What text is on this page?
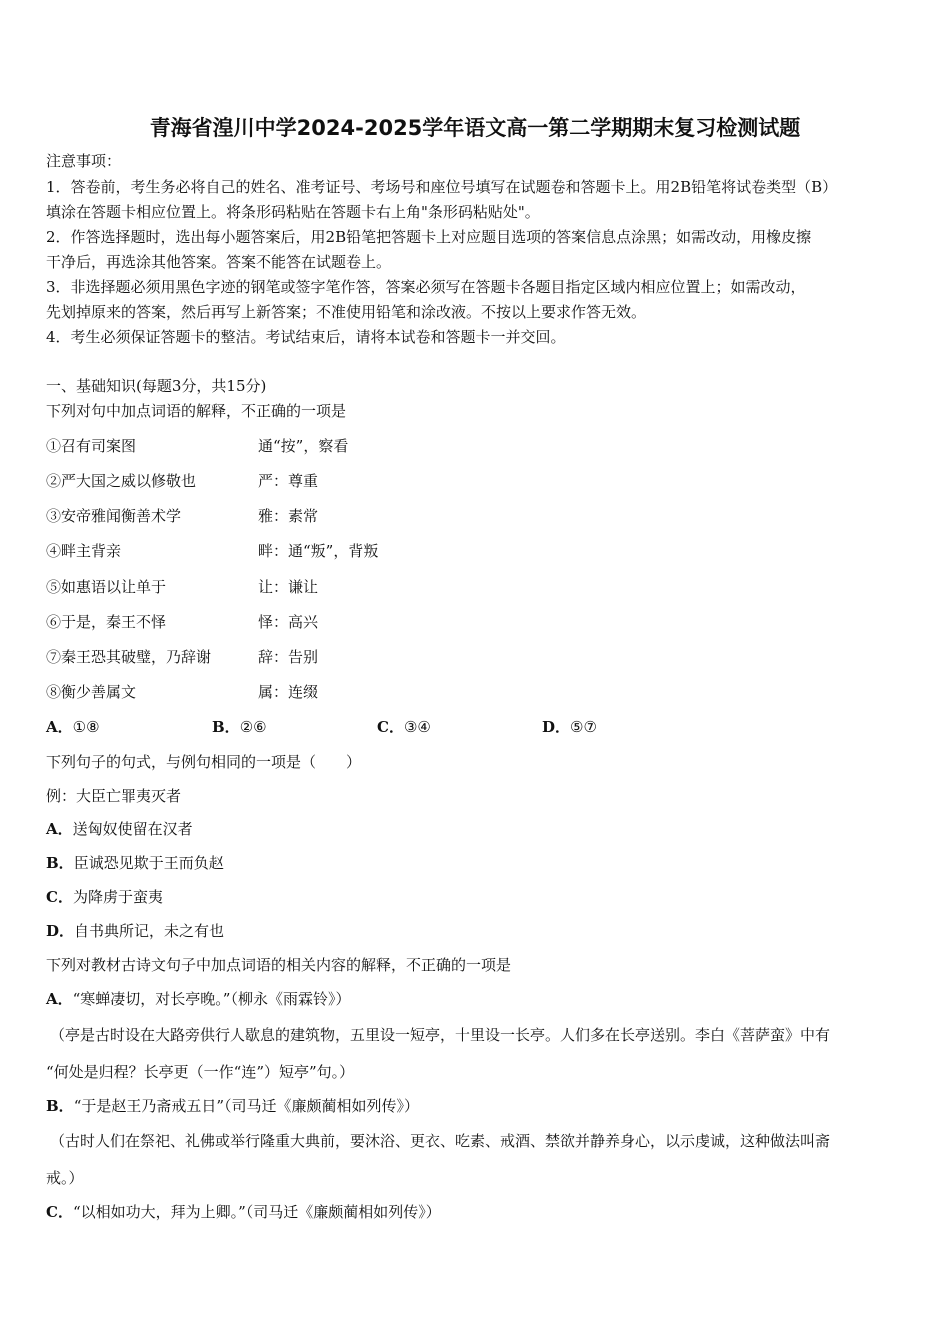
青海省湟川中学2024-2025学年语文高一第二学期期末复习检测试题
注意事项：
1．答卷前，考生务必将自己的姓名、准考证号、考场号和座位号填写在试题卷和答题卡上。用2B铅笔将试卷类型（B）
填涂在答题卡相应位置上。将条形码粘贴在答题卡右上角"条形码粘贴处"。
2．作答选择题时，选出每小题答案后，用2B铅笔把答题卡上对应题目选项的答案信息点涂黑；如需改动，用橡皮擦
干净后，再选涂其他答案。答案不能答在试题卷上。
3．非选择题必须用黑色字迹的钢笔或签字笔作答，答案必须写在答题卡各题目指定区域内相应位置上；如需改动，
先划掉原来的答案，然后再写上新答案；不准使用铅笔和涂改液。不按以上要求作答无效。
4．考生必须保证答题卡的整洁。考试结束后，请将本试卷和答题卡一并交回。
一、基础知识(每题3分，共15分)
下列对句中加点词语的解释，不正确的一项是
①召有司案图	通“按”，察看
②严大国之威以修敬也	严：尊重
③安帝雅闻衡善术学	雅：素常
④畔主背亲	畔：通“叛”，背叛
⑤如惠语以让单于	让：谦让
⑥于是，秦王不怿	怿：高兴
⑦秦王恐其破璧，乃辞谢	辞：告别
⑧衡少善属文	属：连缀
A．①⑧	B．②⑥	C．③④	D．⑤⑦
下列句子的句式，与例句相同的一项是（　　）
例：大臣亡罪夷灭者
A．送匈奴使留在汉者
B．臣诚恐见欺于王而负赵
C．为降虏于蛮夷
D．自书典所记，未之有也
下列对教材古诗文句子中加点词语的相关内容的解释，不正确的一项是
A．“寒蝉凄切，对长亭晚。”（柳永《雨霖铃》）
（亭是古时设在大路旁供行人歇息的建筑物，五里设一短亭，十里设一长亭。人们多在长亭送别。李白《菩萨蛮》中有
“何处是归程？长亭更（一作“连”）短亭”句。）
B．“于是赵王乃斋戒五日”（司马迁《廉颇蔺相如列传》）
（古时人们在祭祀、礼佛或举行隆重大典前，要沐浴、更衣、吃素、戒酒、禁欲并静养身心，以示虔诚，这种做法叫斋
戒。）
C．“以相如功大，拜为上卿。”（司马迁《廉颇蔺相如列传》）
